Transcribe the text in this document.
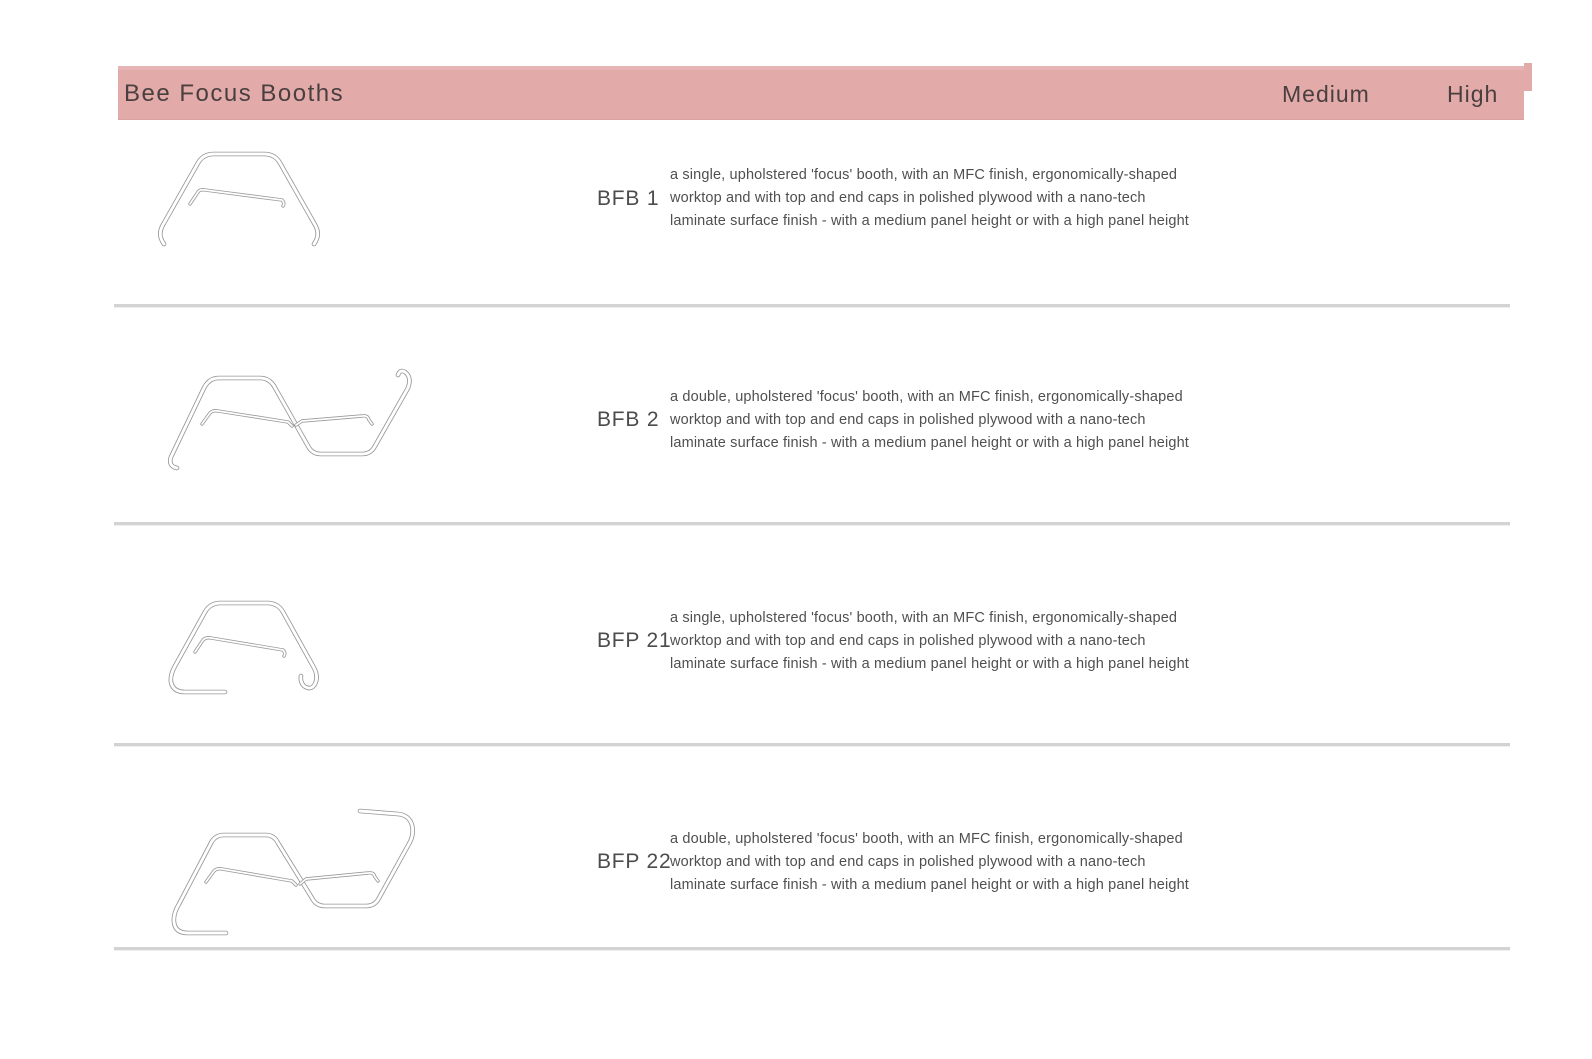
Bee Focus Booths	Medium	High
BFB 1
a single, upholstered 'focus' booth, with an MFC finish, ergonomically-shaped
worktop and with top and end caps in polished plywood with a nano-tech
laminate surface finish - with a medium panel height or with a high panel height
BFB 2
a double, upholstered 'focus' booth, with an MFC finish, ergonomically-shaped
worktop and with top and end caps in polished plywood with a nano-tech
laminate surface finish - with a medium panel height or with a high panel height
BFP 21
a single, upholstered 'focus' booth, with an MFC finish, ergonomically-shaped
worktop and with top and end caps in polished plywood with a nano-tech
laminate surface finish - with a medium panel height or with a high panel height
BFP 22
a double, upholstered 'focus' booth, with an MFC finish, ergonomically-shaped
worktop and with top and end caps in polished plywood with a nano-tech
laminate surface finish - with a medium panel height or with a high panel height
